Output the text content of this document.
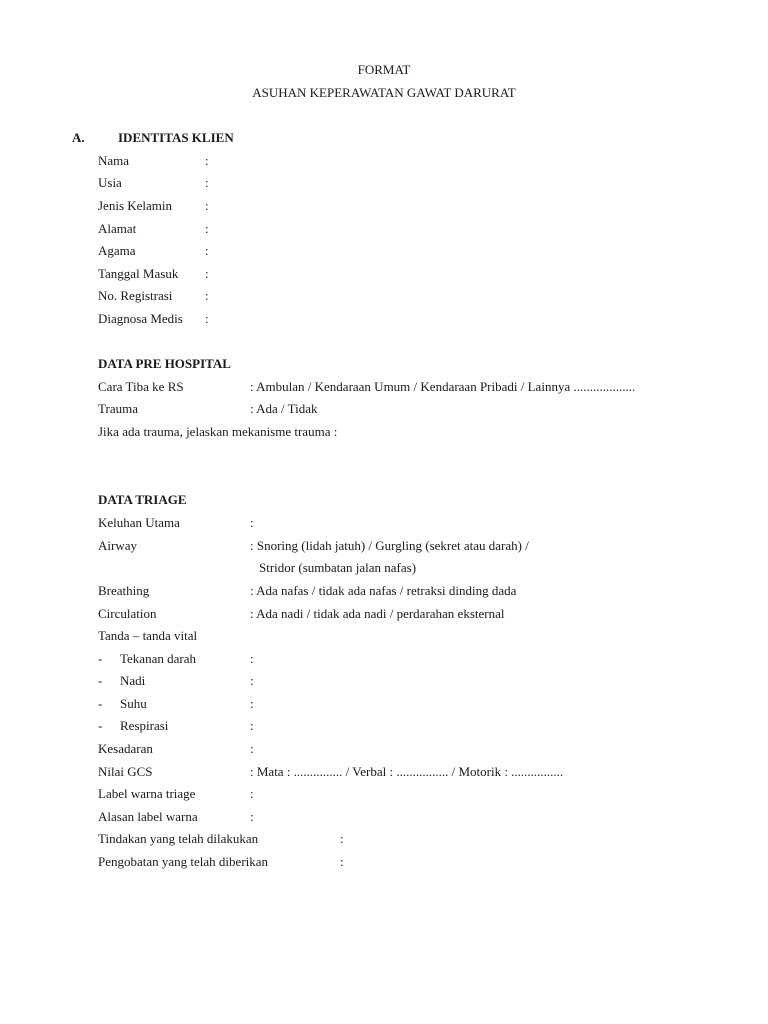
FORMAT
ASUHAN KEPERAWATAN GAWAT DARURAT
A.	IDENTITAS KLIEN
Nama	:
Usia	:
Jenis Kelamin	:
Alamat	:
Agama	:
Tanggal Masuk :
No. Registrasi	:
Diagnosa Medis :
DATA PRE HOSPITAL
Cara Tiba ke RS	: Ambulan / Kendaraan Umum / Kendaraan Pribadi / Lainnya ...................
Trauma	: Ada / Tidak
Jika ada trauma, jelaskan mekanisme trauma :
DATA TRIAGE
Keluhan Utama	:
Airway	: Snoring (lidah jatuh) / Gurgling (sekret atau darah) /
Stridor (sumbatan jalan nafas)
Breathing	: Ada nafas / tidak ada nafas / retraksi dinding dada
Circulation	: Ada nadi / tidak ada nadi / perdarahan eksternal
Tanda – tanda vital
- Tekanan darah	:
- Nadi	:
- Suhu	:
- Respirasi	:
Kesadaran	:
Nilai GCS	: Mata : ............... / Verbal : ................ / Motorik : ................
Label warna triage	:
Alasan label warna	:
Tindakan yang telah dilakukan	:
Pengobatan yang telah diberikan	:
